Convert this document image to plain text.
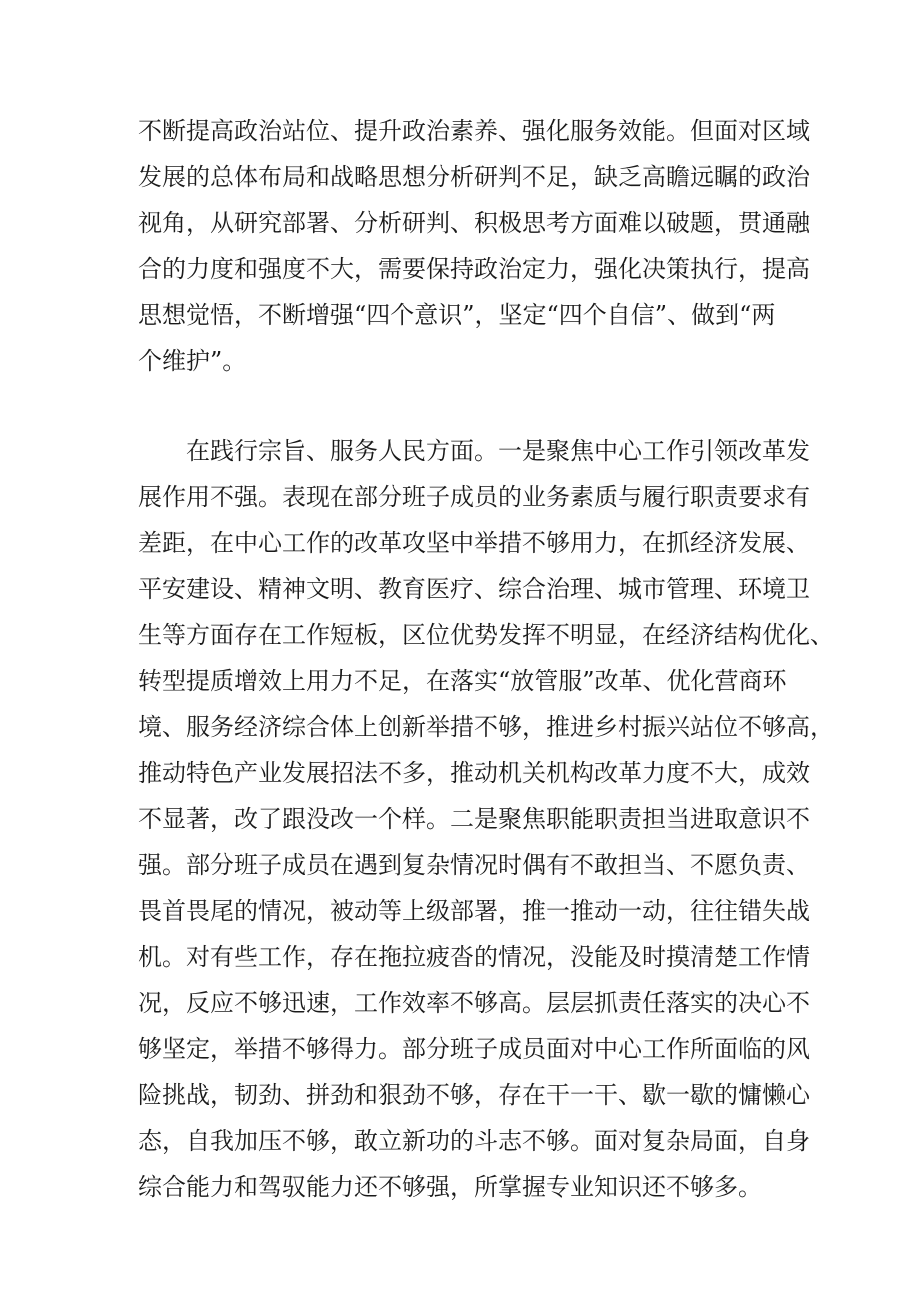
不断提高政治站位、提升政治素养、强化服务效能。但面对区域
发展的总体布局和战略思想分析研判不足，缺乏高瞻远瞩的政治
视角，从研究部署、分析研判、积极思考方面难以破题，贯通融
合的力度和强度不大，需要保持政治定力，强化决策执行，提高
思想觉悟，不断增强“四个意识”，坚定“四个自信”、做到“两
个维护”。
在践行宗旨、服务人民方面。一是聚焦中心工作引领改革发
展作用不强。表现在部分班子成员的业务素质与履行职责要求有
差距，在中心工作的改革攻坚中举措不够用力，在抓经济发展、
平安建设、精神文明、教育医疗、综合治理、城市管理、环境卫
生等方面存在工作短板，区位优势发挥不明显，在经济结构优化、
转型提质增效上用力不足，在落实“放管服”改革、优化营商环
境、服务经济综合体上创新举措不够，推进乡村振兴站位不够高，
推动特色产业发展招法不多，推动机关机构改革力度不大，成效
不显著，改了跟没改一个样。二是聚焦职能职责担当进取意识不
强。部分班子成员在遇到复杂情况时偶有不敢担当、不愿负责、
畏首畏尾的情况，被动等上级部署，推一推动一动，往往错失战
机。对有些工作，存在拖拉疲沓的情况，没能及时摸清楚工作情
况，反应不够迅速，工作效率不够高。层层抓责任落实的决心不
够坚定，举措不够得力。部分班子成员面对中心工作所面临的风
险挑战，韧劲、拼劲和狠劲不够，存在干一干、歇一歇的慵懒心
态，自我加压不够，敢立新功的斗志不够。面对复杂局面，自身
综合能力和驾驭能力还不够强，所掌握专业知识还不够多。
